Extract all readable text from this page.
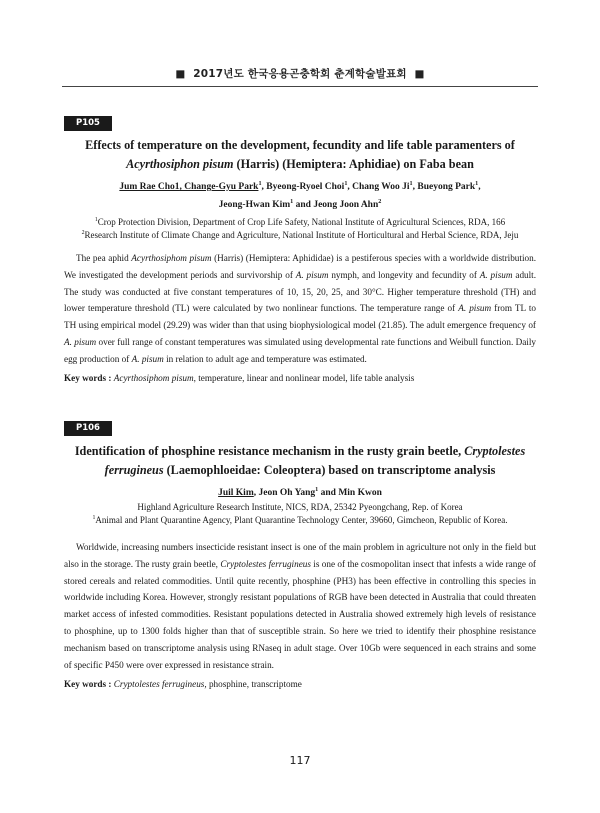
■ 2017년도 한국응용곤충학회 춘계학술발표회 ■
P105
Effects of temperature on the development, fecundity and life table paramenters of
Acyrthosiphon pisum (Harris) (Hemiptera: Aphidiae) on Faba bean
Jum Rae Cho1, Change-Gyu Park$^1$, Byeong-Ryoel Choi$^1$, Chang Woo Ji$^1$, Bueyong Park$^1$,
Jeong-Hwan Kim$^1$ and Jeong Joon Ahn$^2$
$^1$Crop Protection Division, Department of Crop Life Safety, National Institute of Agricultural Sciences, RDA, 166
$^2$Research Institute of Climate Change and Agriculture, National Institute of Horticultural and Herbal Science, RDA, Jeju
The pea aphid Acyrthosiphom pisum (Harris) (Hemiptera: Aphididae) is a pestiferous species with a worldwide distribution. We investigated the development periods and survivorship of A. pisum nymph, and longevity and fecundity of A. pisum adult. The study was conducted at five constant temperatures of 10, 15, 20, 25, and 30°C. Higher temperature threshold (TH) and lower temperature threshold (TL) were calculated by two nonlinear functions. The temperature range of A. pisum from TL to TH using empirical model (29.29) was wider than that using biophysiological model (21.85). The adult emergence frequency of A. pisum over full range of constant temperatures was simulated using developmental rate functions and Weibull function. Daily egg production of A. pisum in relation to adult age and temperature was estimated.
Key words : Acyrthosiphom pisum, temperature, linear and nonlinear model, life table analysis
P106
Identification of phosphine resistance mechanism in the rusty grain beetle, Cryptolestes
ferrugineus (Laemophloeidae: Coleoptera) based on transcriptome analysis
Juil Kim, Jeon Oh Yang$^1$ and Min Kwon
Highland Agriculture Research Institute, NICS, RDA, 25342 Pyeongchang, Rep. of Korea
$^1$Animal and Plant Quarantine Agency, Plant Quarantine Technology Center, 39660, Gimcheon, Republic of Korea.
Worldwide, increasing numbers insecticide resistant insect is one of the main problem in agriculture not only in the field but also in the storage. The rusty grain beetle, Cryptolestes ferrugineus is one of the cosmopolitan insect that infests a wide range of stored cereals and related commodities. Until quite recently, phosphine (PH3) has been effective in controlling this species in worldwide including Korea. However, strongly resistant populations of RGB have been detected in Australia that could threaten market access of infested commodities. Resistant populations detected in Australia showed extremely high levels of resistance to phosphine, up to 1300 folds higher than that of susceptible strain. So here we tried to identify their phosphine resistance mechanism based on transcriptome analysis using RNaseq in adult stage. Over 10Gb were sequenced in each strains and some of specific P450 were over expressed in resistance strain.
Key words : Cryptolestes ferrugineus, phosphine, transcriptome
117
